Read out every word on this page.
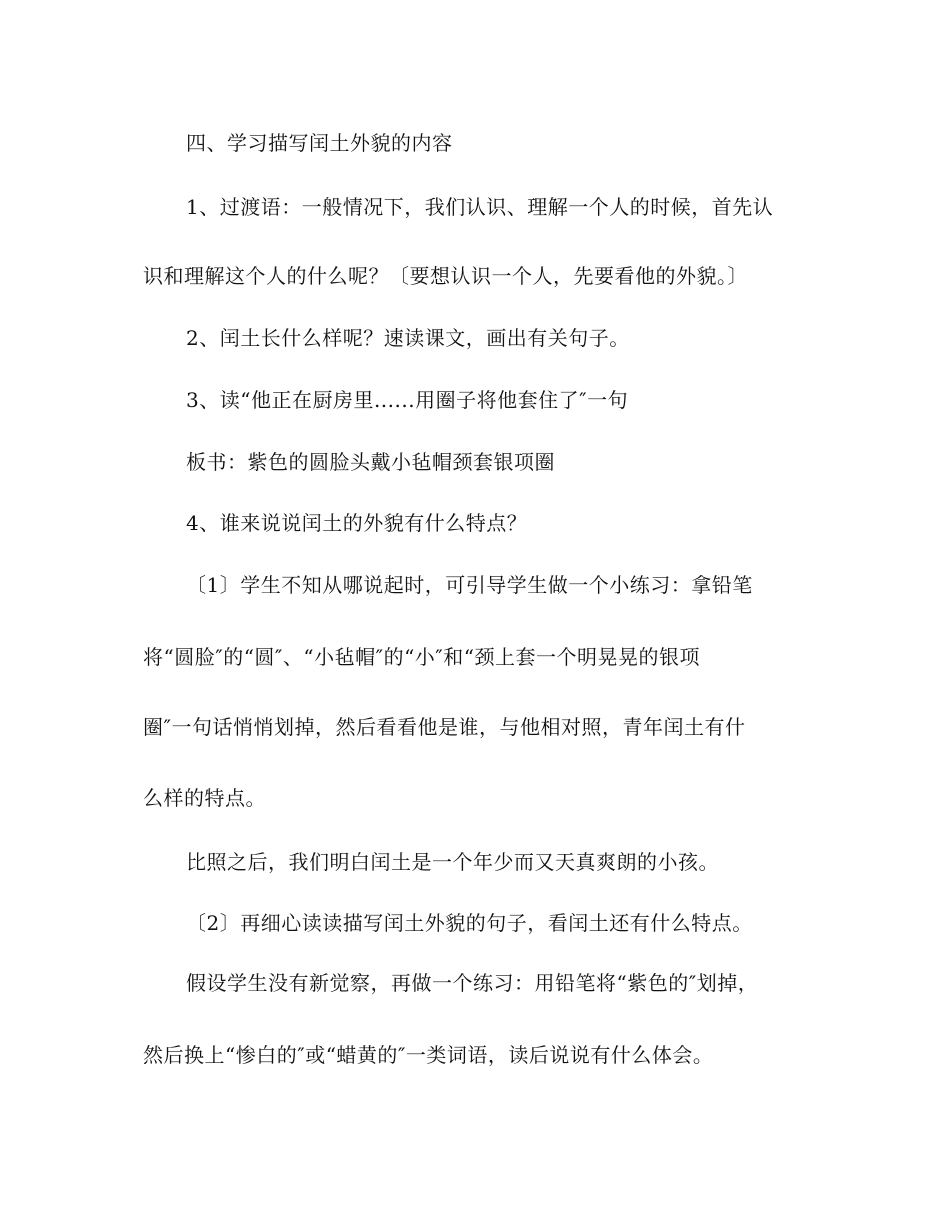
四、学习描写闰土外貌的内容
1、过渡语：一般情况下，我们认识、理解一个人的时候，首先认
识和理解这个人的什么呢？〔要想认识一个人，先要看他的外貌。〕
2、闰土长什么样呢？速读课文，画出有关句子。
3、读“他正在厨房里......用圈子将他套住了″一句
板书：紫色的圆脸头戴小毡帽颈套银项圈
4、谁来说说闰土的外貌有什么特点？
〔1〕学生不知从哪说起时，可引导学生做一个小练习：拿铅笔
将“圆脸″的“圆″、“小毡帽″的“小″和“颈上套一个明晃晃的银项
圈″一句话悄悄划掉，然后看看他是谁，与他相对照，青年闰土有什
么样的特点。
比照之后，我们明白闰土是一个年少而又天真爽朗的小孩。
〔2〕再细心读读描写闰土外貌的句子，看闰土还有什么特点。
假设学生没有新觉察，再做一个练习：用铅笔将“紫色的″划掉，
然后换上“惨白的″或“蜡黄的″一类词语，读后说说有什么体会。
